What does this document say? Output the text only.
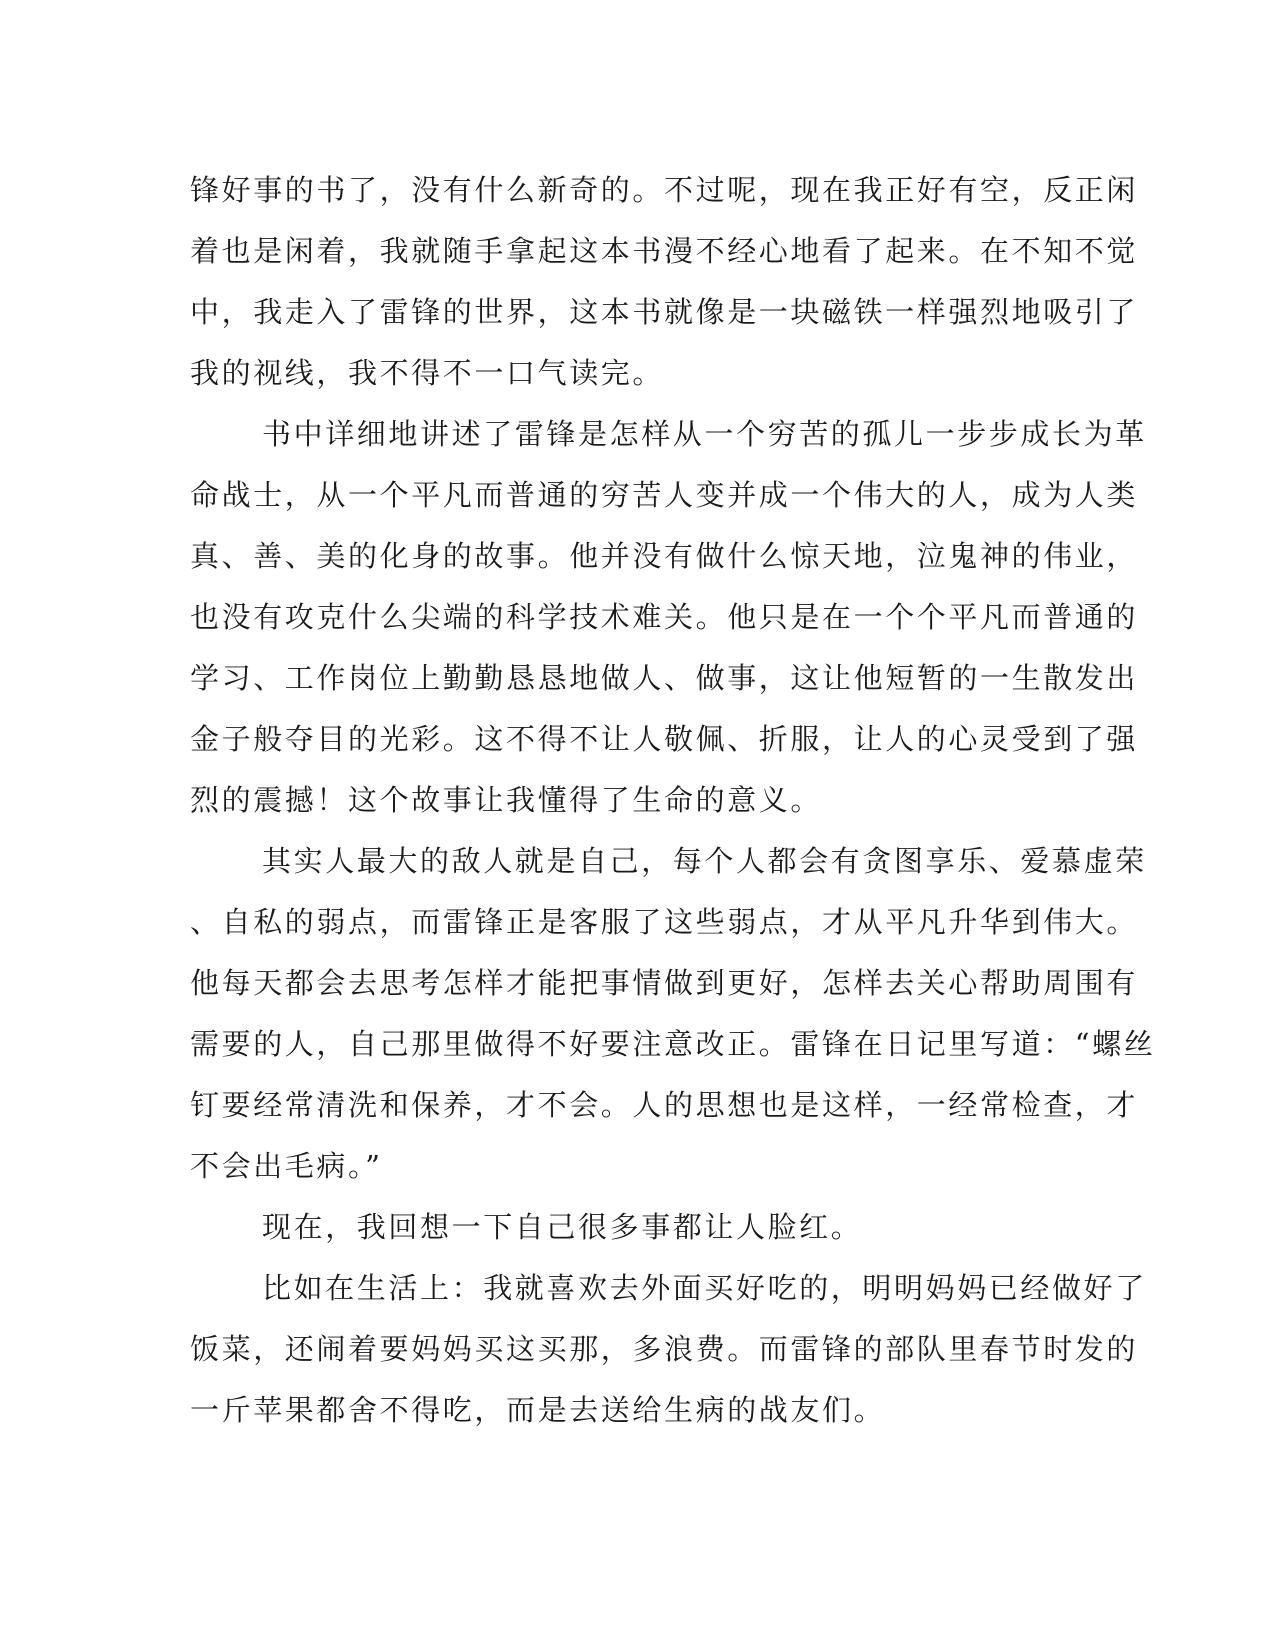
锋好事的书了，没有什么新奇的。不过呢，现在我正好有空，反正闲
着也是闲着，我就随手拿起这本书漫不经心地看了起来。在不知不觉
中，我走入了雷锋的世界，这本书就像是一块磁铁一样强烈地吸引了
我的视线，我不得不一口气读完。
书中详细地讲述了雷锋是怎样从一个穷苦的孤儿一步步成长为革
命战士，从一个平凡而普通的穷苦人变并成一个伟大的人，成为人类
真、善、美的化身的故事。他并没有做什么惊天地，泣鬼神的伟业，
也没有攻克什么尖端的科学技术难关。他只是在一个个平凡而普通的
学习、工作岗位上勤勤恳恳地做人、做事，这让他短暂的一生散发出
金子般夺目的光彩。这不得不让人敬佩、折服，让人的心灵受到了强
烈的震撼！这个故事让我懂得了生命的意义。
其实人最大的敌人就是自己，每个人都会有贪图享乐、爱慕虚荣
、自私的弱点，而雷锋正是客服了这些弱点，才从平凡升华到伟大。
他每天都会去思考怎样才能把事情做到更好，怎样去关心帮助周围有
需要的人，自己那里做得不好要注意改正。雷锋在日记里写道：“螺丝
钉要经常清洗和保养，才不会。人的思想也是这样，一经常检查，才
不会出毛病。”
现在，我回想一下自己很多事都让人脸红。
比如在生活上：我就喜欢去外面买好吃的，明明妈妈已经做好了
饭菜，还闹着要妈妈买这买那，多浪费。而雷锋的部队里春节时发的
一斤苹果都舍不得吃，而是去送给生病的战友们。
